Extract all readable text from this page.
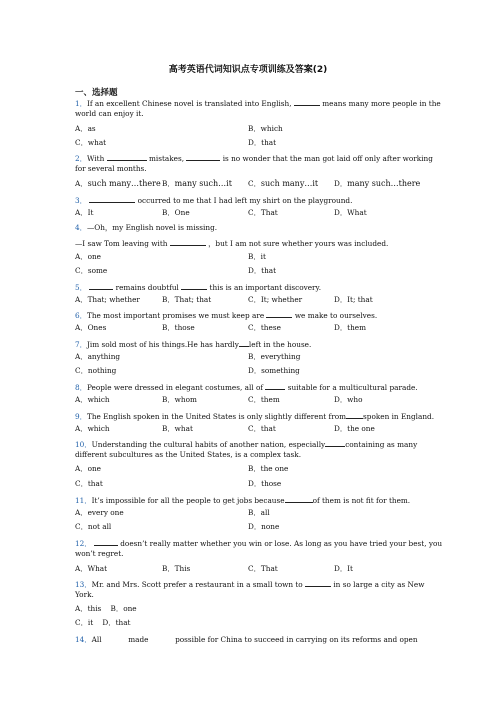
高考英语代词知识点专项训练及答案(2)
一、选择题
1．If an excellent Chinese novel is translated into English,	means many more people in the
world can enjoy it.
A．as	B．which
C．what	D．that
2．With	mistakes,	is no wonder that the man got laid off only after working
for several months.
A．such many…there B．many such…it C．such many…it D．many such…there
3．	occurred to me that I had left my shirt on the playground.
A．It	B．One	C．That	D．What
4．—Oh，my English novel is missing.
—I saw Tom leaving with	，but I am not sure whether yours was included.
A．one	B．it
C．some	D．that
5．	remains doubtful	this is an important discovery.
A．That; whether	B．That; that	C．It; whether	D．It; that
6．The most important promises we must keep are	we make to ourselves.
A．Ones	B．those	C．these	D．them
7．Jim sold most of his things.He has hardly left in the house.
A．anything	B．everything
C．nothing	D．something
8．People were dressed in elegant costumes, all of	suitable for a multicultural parade.
A．which	B．whom	C．them	D．who
9．The English spoken in the United States is only slightly different from spoken in England.
A．which	B．what	C．that	D．the one
10．Understanding the cultural habits of another nation, especially	containing as many
different subcultures as the United States, is a complex task.
A．one	B．the one
C．that	D．those
11．It’s impossible for all the people to get jobs because	of them is not fit for them.
A．every one	B．all
C．not all	D．none
12．	doesn’t really matter whether you win or lose. As long as you have tried your best, you
won’t regret.
A．What	B．This	C．That	D．It
13．Mr. and Mrs. Scott prefer a restaurant in a small town to	in so large a city as New
York.
A．this    B．one
C．it    D．that
14．All	made	possible for China to succeed in carrying on its reforms and open
